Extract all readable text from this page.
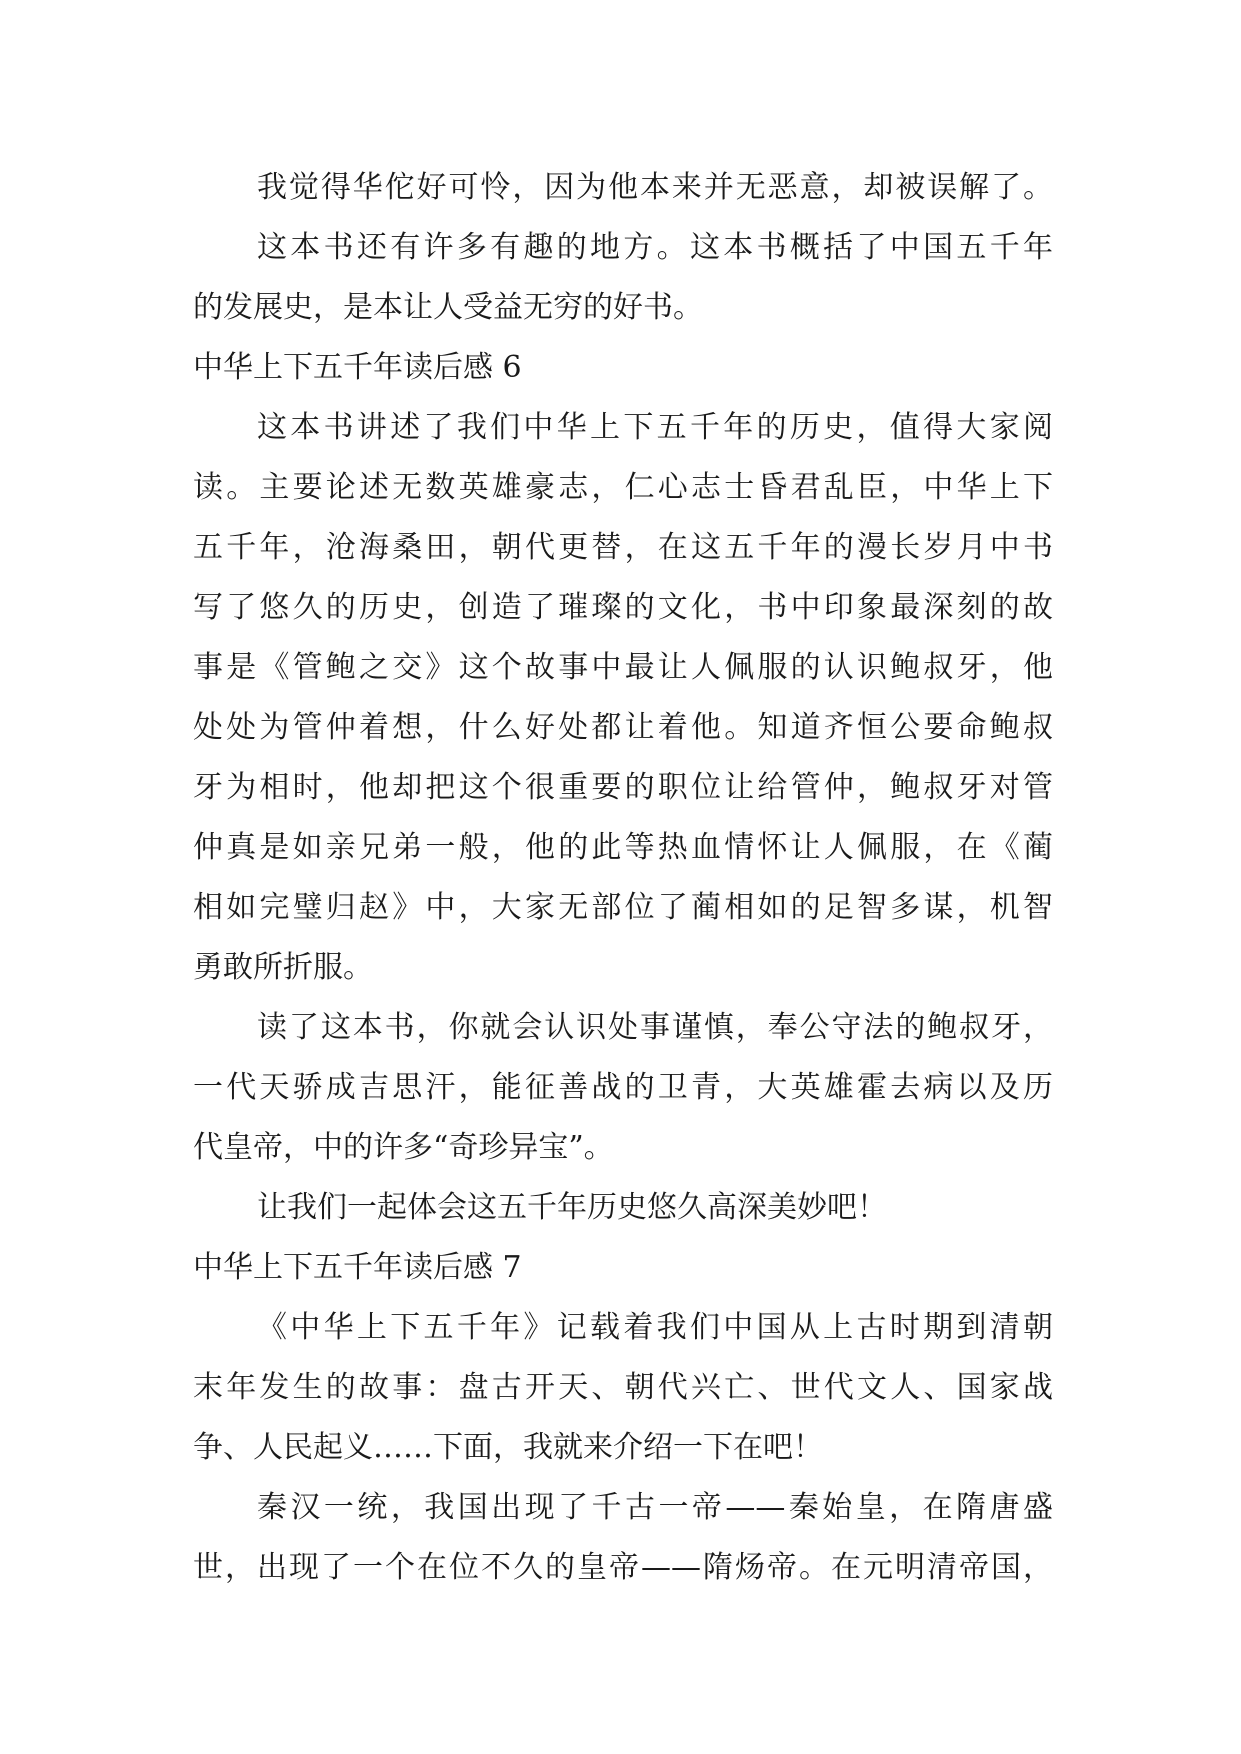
我觉得华佗好可怜，因为他本来并无恶意，却被误解了。
这本书还有许多有趣的地方。这本书概括了中国五千年
的发展史，是本让人受益无穷的好书。
中华上下五千年读后感 6
这本书讲述了我们中华上下五千年的历史，值得大家阅
读。主要论述无数英雄豪志，仁心志士昏君乱臣，中华上下
五千年，沧海桑田，朝代更替，在这五千年的漫长岁月中书
写了悠久的历史，创造了璀璨的文化，书中印象最深刻的故
事是《管鲍之交》这个故事中最让人佩服的认识鲍叔牙，他
处处为管仲着想，什么好处都让着他。知道齐恒公要命鲍叔
牙为相时，他却把这个很重要的职位让给管仲，鲍叔牙对管
仲真是如亲兄弟一般，他的此等热血情怀让人佩服，在《蔺
相如完璧归赵》中，大家无部位了蔺相如的足智多谋，机智
勇敢所折服。
读了这本书，你就会认识处事谨慎，奉公守法的鲍叔牙，
一代天骄成吉思汗，能征善战的卫青，大英雄霍去病以及历
代皇帝，中的许多“奇珍异宝”。
让我们一起体会这五千年历史悠久高深美妙吧！
中华上下五千年读后感 7
《中华上下五千年》记载着我们中国从上古时期到清朝
末年发生的故事：盘古开天、朝代兴亡、世代文人、国家战
争、人民起义……下面，我就来介绍一下在吧！
秦汉一统，我国出现了千古一帝——秦始皇，在隋唐盛
世，出现了一个在位不久的皇帝——隋炀帝。在元明清帝国，
